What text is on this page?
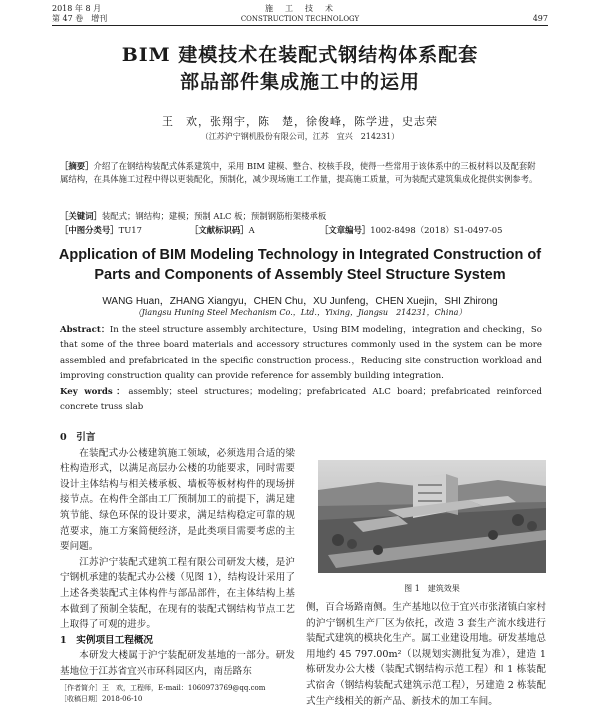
2018 年 8 月	施　工　技　术
第 47 卷　增刊	CONSTRUCTION TECHNOLOGY	497
BIM 建模技术在装配式钢结构体系配套
部品部件集成施工中的运用
王　欢，张翔宇，陈　楚，徐俊峰，陈学进，史志荣
（江苏沪宁钢机股份有限公司，江苏　宜兴　214231）
［摘要］介绍了在钢结构装配式体系建筑中，采用 BIM 建模、整合、校核手段，使得一些常用于该体系中的三板材料以及配套附属结构，在具体施工过程中得以更装配化，预制化，减少现场施工工作量，提高施工质量，可为装配式建筑集成化提供实例参考。
［关键词］装配式；钢结构；建模；预制 ALC 板；预制钢筋桁架楼承板
［中图分类号］TU17	［文献标识码］A	［文章编号］1002-8498（2018）S1-0497-05
Application of BIM Modeling Technology in Integrated Construction of
Parts and Components of Assembly Steel Structure System
WANG Huan，ZHANG Xiangyu，CHEN Chu，XU Junfeng，CHEN Xuejin，SHI Zhirong
（Jiangsu Huning Steel Mechanism Co.，Ltd.，Yixing，Jiangsu　214231，China）
Abstract：In the steel structure assembly architecture，Using BIM modeling，integration and checking，So that some of the three board materials and accessory structures commonly used in the system can be more assembled and prefabricated in the specific construction process.，Reducing site construction workload and improving construction quality can provide reference for assembly building integration.
Key words：assembly；steel structures；modeling；prefabricated ALC board；prefabricated reinforced concrete truss slab
0　引言

在装配式办公楼建筑施工领域，必须选用合适的梁柱构造形式，以满足高层办公楼的功能要求，同时需要设计主体结构与相关楼承板、墙板等板材构件的现场拼接节点。在构件全部由工厂预制加工的前提下，满足建筑节能、绿色环保的设计要求，满足结构稳定可靠的规范要求，施工方案简便经济，是此类项目需要考虑的主要问题。

江苏沪宁装配式建筑工程有限公司研发大楼，是沪宁钢机承建的装配式办公楼（见图 1），结构设计采用了上述各类装配式主体构件与部品部件，在主体结构上基本做到了预制全装配，在现有的装配式钢结构节点工艺上取得了可观的进步。

1　实例项目工程概况

本研发大楼属于沪宁装配研发基地的一部分。研发基地位于江苏省宜兴市环科园区内，南岳路东

图 1　建筑效果

侧，百合场路南侧。生产基地以位于宜兴市张渚镇白家村的沪宁钢机生产厂区为依托，改造 3 套生产流水线进行装配式建筑的模块化生产。属工业建设用地。研发基地总用地约 45 797.00m²（以规划实测批复为准），建造 1 栋研发办公大楼（装配式钢结构示范工程）和 1 栋装配式宿舍（钢结构装配式建筑示范工程），另建造 2 栋装配式生产线相关的新产品、新技术的加工车间。

［作者简介］王　欢，工程师，E-mail：1060973769@qq.com
［收稿日期］2018-06-10
